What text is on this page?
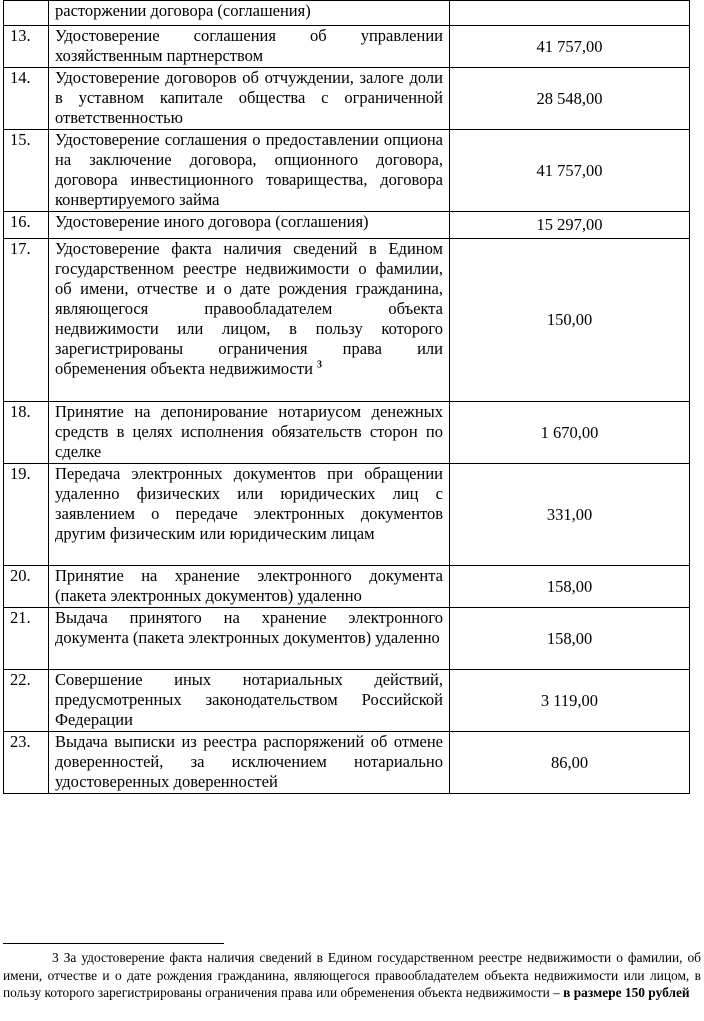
	расторжении договора (соглашения)	

13.	Удостоверение соглашения об управлении хозяйственным партнерством	41 757,00
14.	Удостоверение договоров об отчуждении, залоге доли в уставном капитале общества с ограниченной ответственностью	28 548,00
15.	Удостоверение соглашения о предоставлении опциона на заключение договора, опционного договора, договора инвестиционного товарищества, договора конвертируемого займа	41 757,00
16.	Удостоверение иного договора (соглашения)	15 297,00
17.	Удостоверение факта наличия сведений в Едином государственном реестре недвижимости о фамилии, об имени, отчестве и о дате рождения гражданина, являющегося правообладателем объекта недвижимости или лицом, в пользу которого зарегистрированы ограничения права или обременения объекта недвижимости $^3$	150,00
18.	Принятие на депонирование нотариусом денежных средств в целях исполнения обязательств сторон по сделке	1 670,00
19.	Передача электронных документов при обращении удаленно физических или юридических лиц с заявлением о передаче электронных документов другим физическим или юридическим лицам	331,00
20.	Принятие на хранение электронного документа (пакета электронных документов) удаленно	158,00
21.	Выдача принятого на хранение электронного документа (пакета электронных документов) удаленно	158,00
22.	Совершение иных нотариальных действий, предусмотренных законодательством Российской Федерации	3 119,00
23.	Выдача выписки из реестра распоряжений об отмене доверенностей, за исключением нотариально удостоверенных доверенностей	86,00
3 За удостоверение факта наличия сведений в Едином государственном реестре недвижимости о фамилии, об имени, отчестве и о дате рождения гражданина, являющегося правообладателем объекта недвижимости или лицом, в пользу которого зарегистрированы ограничения права или обременения объекта недвижимости – в размере 150 рублей
